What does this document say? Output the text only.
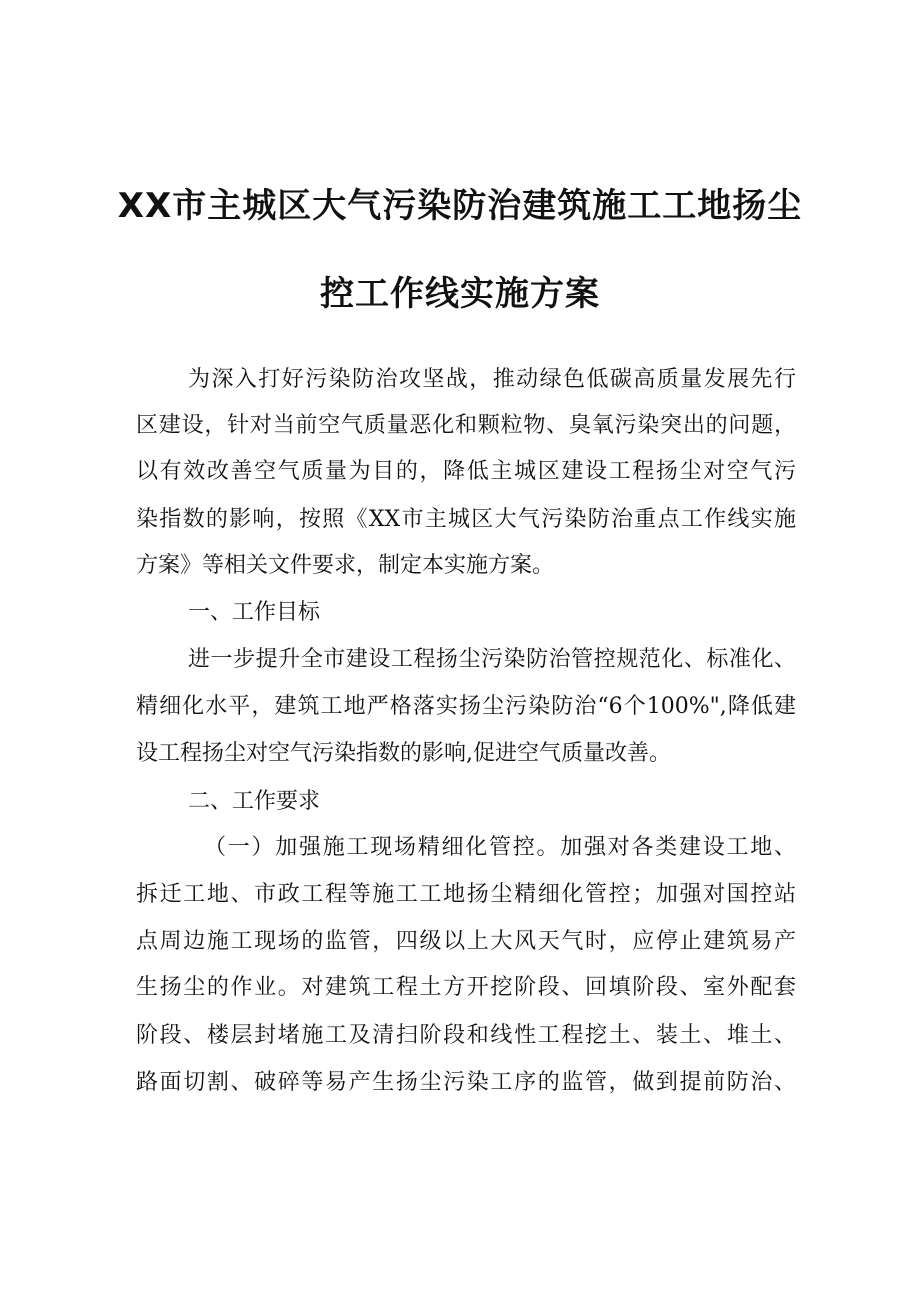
XX市主城区大气污染防治建筑施工工地扬尘
控工作线实施方案
为深入打好污染防治攻坚战，推动绿色低碳高质量发展先行
区建设，针对当前空气质量恶化和颗粒物、臭氧污染突出的问题，
以有效改善空气质量为目的，降低主城区建设工程扬尘对空气污
染指数的影响，按照《XX市主城区大气污染防治重点工作线实施
方案》等相关文件要求，制定本实施方案。
一、工作目标
进一步提升全市建设工程扬尘污染防治管控规范化、标准化、
精细化水平，建筑工地严格落实扬尘污染防治“6个100%",降低建
设工程扬尘对空气污染指数的影响,促进空气质量改善。
二、工作要求
（一）加强施工现场精细化管控。加强对各类建设工地、
拆迁工地、市政工程等施工工地扬尘精细化管控；加强对国控站
点周边施工现场的监管，四级以上大风天气时，应停止建筑易产
生扬尘的作业。对建筑工程土方开挖阶段、回填阶段、室外配套
阶段、楼层封堵施工及清扫阶段和线性工程挖土、装土、堆土、
路面切割、破碎等易产生扬尘污染工序的监管，做到提前防治、
